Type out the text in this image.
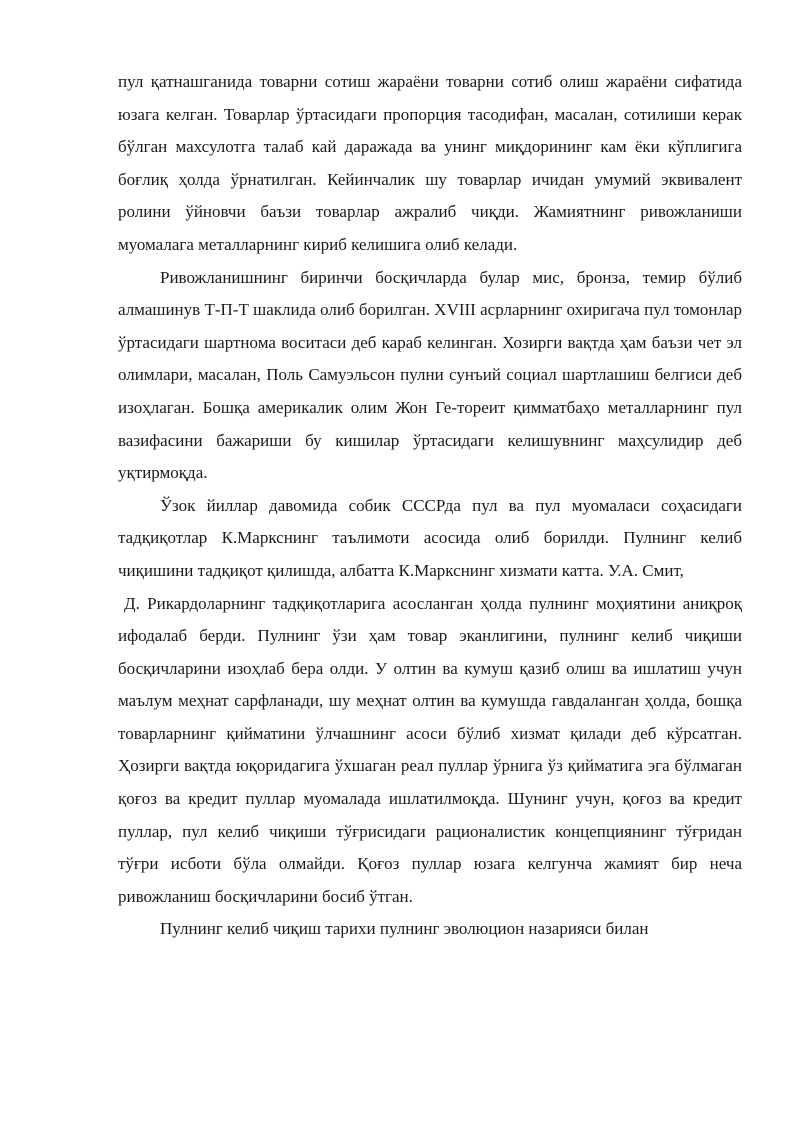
пул қатнашганида товарни сотиш жараёни товарни сотиб олиш жараёни сифатида юзага келган. Товарлар ўртасидаги пропорция тасодифан, масалан, сотилиши керак бўлган махсулотга талаб кай даражада ва унинг миқдорининг кам ёки кўплигига боғлиқ ҳолда ўрнатилган. Кейинчалик шу товарлар ичидан умумий эквивалент ролини ўйновчи баъзи товарлар ажралиб чиқди. Жамиятнинг ривожланиши муомалага металларнинг кириб келишига олиб келади.

Ривожланишнинг биринчи босқичларда булар мис, бронза, темир бўлиб алмашинув Т-П-Т шаклида олиб борилган. XVIII асрларнинг охиригача пул томонлар ўртасидаги шартнома воситаси деб караб келинган. Хозирги вақтда ҳам баъзи чет эл олимлари, масалан, Поль Самуэльсон пулни сунъий социал шартлашиш белгиси деб изоҳлаган. Бошқа америкалик олим Жон Ге-тореит қимматбаҳо металларнинг пул вазифасини бажариши бу кишилар ўртасидаги келишувнинг маҳсулидир деб уқтирмоқда.

Ўзок йиллар давомида собик СССРда пул ва пул муомаласи соҳасидаги тадқиқотлар К.Маркснинг таълимоти асосида олиб борилди. Пулнинг келиб чиқишини тадқиқот қилишда, албатта К.Маркснинг хизмати катта. У.А. Смит,

Д. Рикардоларнинг тадқиқотларига асосланган ҳолда пулнинг моҳиятини аниқроқ ифодалаб берди. Пулнинг ўзи ҳам товар эканлигини, пулнинг келиб чиқиши босқичларини изоҳлаб бера олди. У олтин ва кумуш қазиб олиш ва ишлатиш учун маълум меҳнат сарфланади, шу меҳнат олтин ва кумушда гавдаланган ҳолда, бошқа товарларнинг қийматини ўлчашнинг асоси бўлиб хизмат қилади деб кўрсатган. Ҳозирги вақтда юқоридагига ўхшаган реал пуллар ўрнига ўз қийматига эга бўлмаган қоғоз ва кредит пуллар муомалада ишлатилмоқда. Шунинг учун, қоғоз ва кредит пуллар, пул келиб чиқиши тўғрисидаги рационалистик концепциянинг тўғридан тўғри исботи бўла олмайди. Қоғоз пуллар юзага келгунча жамият бир неча ривожланиш босқичларини босиб ўтган.

Пулнинг келиб чиқиш тарихи пулнинг эволюцион назарияси билан
